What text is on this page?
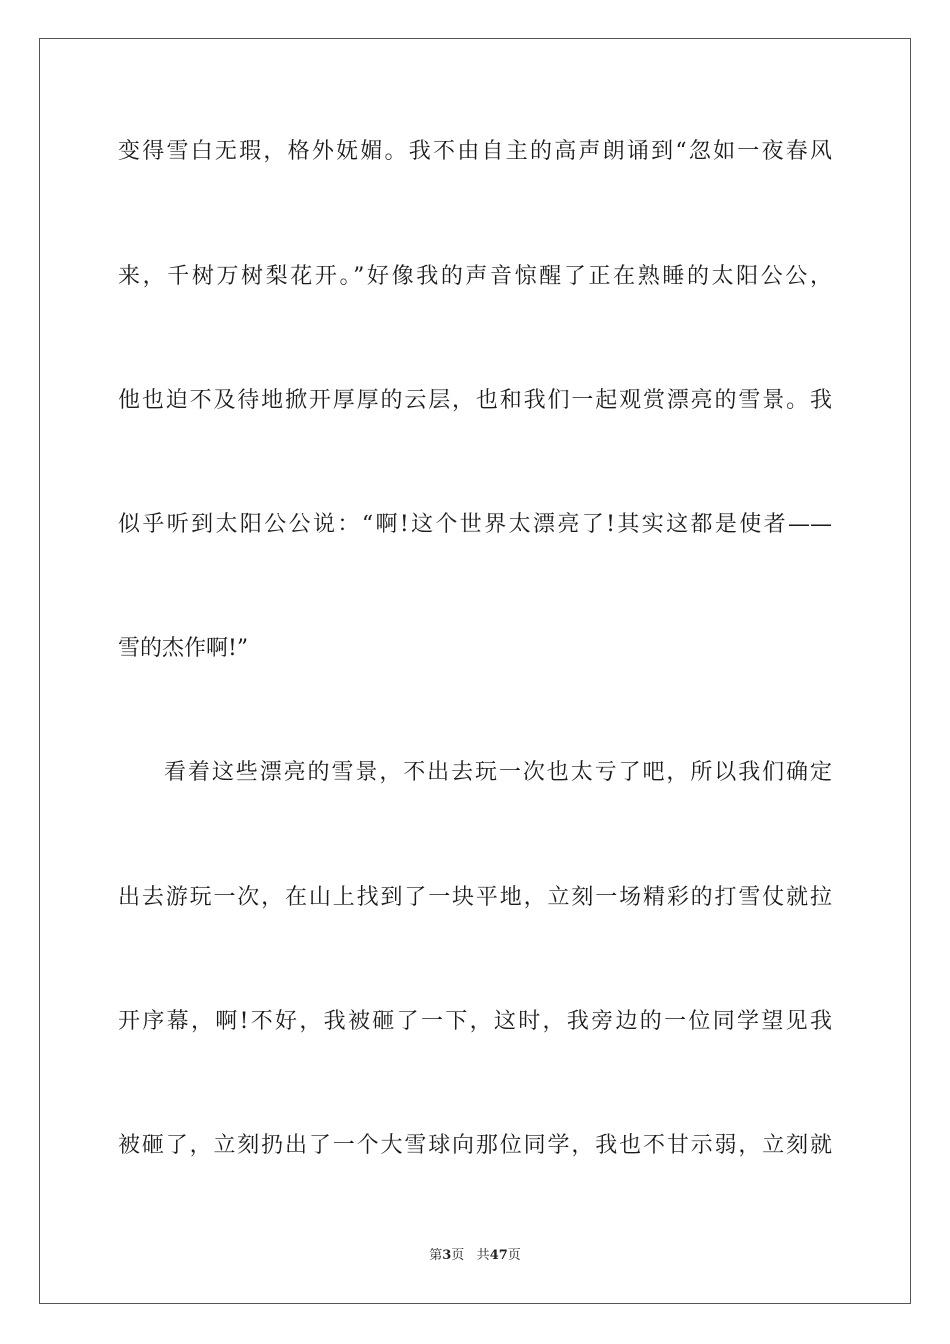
变得雪白无瑕，格外妩媚。我不由自主的高声朗诵到“忽如一夜春风
来，千树万树梨花开。”好像我的声音惊醒了正在熟睡的太阳公公，
他也迫不及待地掀开厚厚的云层，也和我们一起观赏漂亮的雪景。我
似乎听到太阳公公说：“啊!这个世界太漂亮了!其实这都是使者——
雪的杰作啊!”
看着这些漂亮的雪景，不出去玩一次也太亏了吧，所以我们确定
出去游玩一次，在山上找到了一块平地，立刻一场精彩的打雪仗就拉
开序幕，啊!不好，我被砸了一下，这时，我旁边的一位同学望见我
被砸了，立刻扔出了一个大雪球向那位同学，我也不甘示弱，立刻就
第3页 共47页
